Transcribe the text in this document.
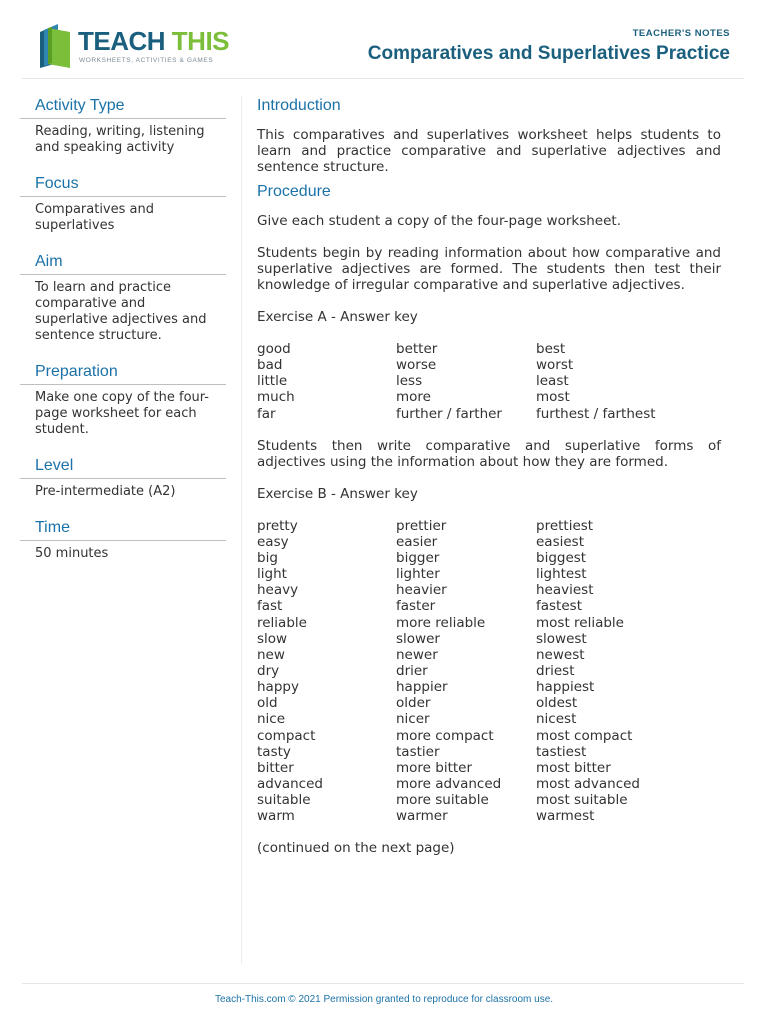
TEACH THIS
WORKSHEETS, ACTIVITIES & GAMES
TEACHER'S NOTES
Comparatives and Superlatives Practice
Activity Type
Reading, writing, listening and speaking activity
Focus
Comparatives and superlatives
Aim
To learn and practice comparative and superlative adjectives and sentence structure.
Preparation
Make one copy of the four-page worksheet for each student.
Level
Pre-intermediate (A2)
Time
50 minutes
Introduction

This comparatives and superlatives worksheet helps students to learn and practice comparative and superlative adjectives and sentence structure.

Procedure

Give each student a copy of the four-page worksheet.

Students begin by reading information about how comparative and superlative adjectives are formed. The students then test their knowledge of irregular comparative and superlative adjectives.

Exercise A - Answer key

good	better	best
bad	worse	worst
little	less	least
much	more	most
far	further / farther	furthest / farthest

Students then write comparative and superlative forms of adjectives using the information about how they are formed.

Exercise B - Answer key

pretty	prettier	prettiest
easy	easier	easiest
big	bigger	biggest
light	lighter	lightest
heavy	heavier	heaviest
fast	faster	fastest
reliable	more reliable	most reliable
slow	slower	slowest
new	newer	newest
dry	drier	driest
happy	happier	happiest
old	older	oldest
nice	nicer	nicest
compact	more compact	most compact
tasty	tastier	tastiest
bitter	more bitter	most bitter
advanced	more advanced	most advanced
suitable	more suitable	most suitable
warm	warmer	warmest

(continued on the next page)

Teach-This.com © 2021 Permission granted to reproduce for classroom use.
